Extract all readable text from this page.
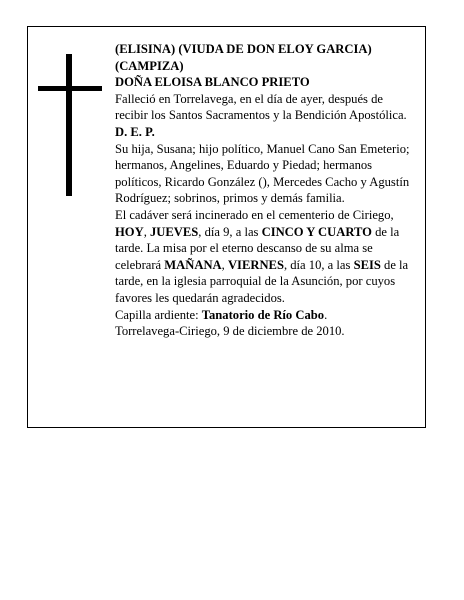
(ELISINA) (VIUDA DE DON ELOY GARCIA)

(CAMPIZA)

DOÑA ELOISA BLANCO PRIETO

Falleció en Torrelavega, en el día de ayer, después de recibir los Santos Sacramentos y la Bendición Apostólica.

D. E. P.

Su hija, Susana; hijo político, Manuel Cano San Emeterio; hermanos, Angelines, Eduardo y Piedad; hermanos políticos, Ricardo González (), Mercedes Cacho y Agustín Rodríguez; sobrinos, primos y demás familia.

El cadáver será incinerado en el cementerio de Ciriego, HOY, JUEVES, día 9, a las CINCO Y CUARTO de la tarde. La misa por el eterno descanso de su alma se celebrará MAÑANA, VIERNES, día 10, a las SEIS de la tarde, en la iglesia parroquial de la Asunción, por cuyos favores les quedarán agradecidos.

Capilla ardiente: Tanatorio de Río Cabo.

Torrelavega-Ciriego, 9 de diciembre de 2010.
